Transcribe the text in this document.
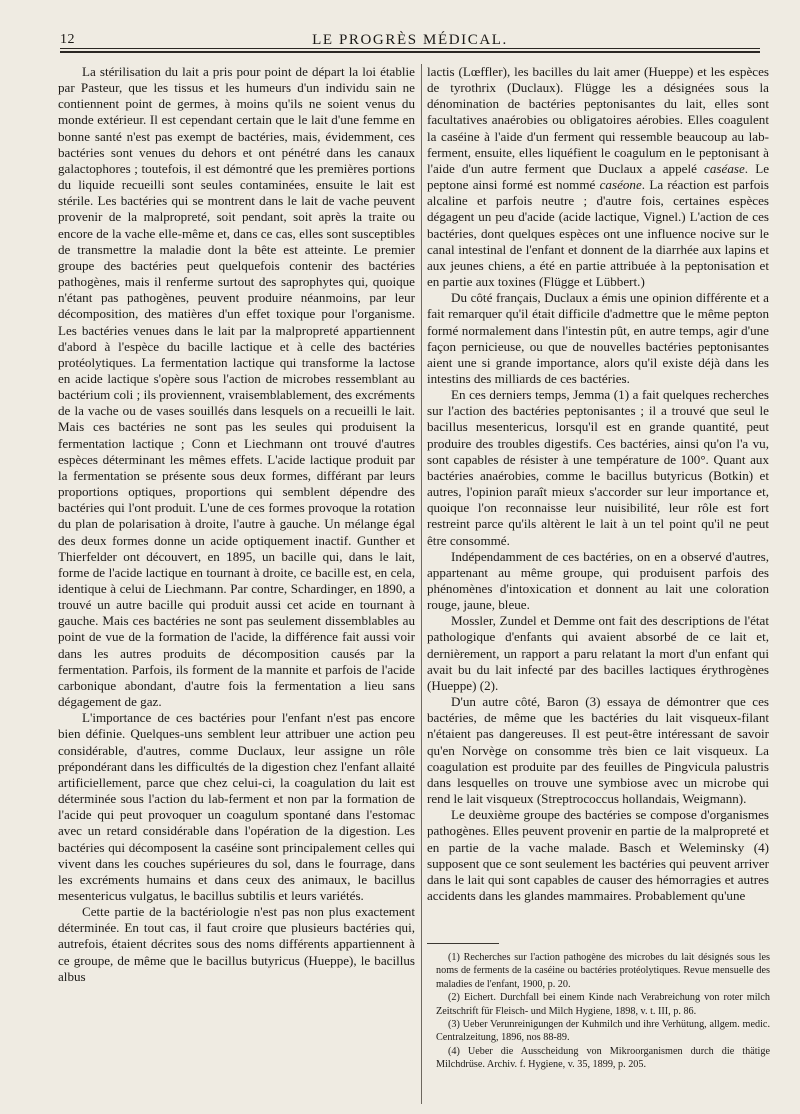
12	LE PROGRÈS MÉDICAL.

La stérilisation du lait a pris pour point de départ la loi établie par Pasteur, que les tissus et les humeurs d'un individu sain ne contiennent point de germes, à moins qu'ils ne soient venus du monde extérieur. Il est cependant certain que le lait d'une femme en bonne santé n'est pas exempt de bactéries, mais, évidemment, ces bactéries sont venues du dehors et ont pénétré dans les canaux galactophores ; toutefois, il est démontré que les premières portions du liquide recueilli sont seules contaminées, ensuite le lait est stérile. Les bactéries qui se montrent dans le lait de vache peuvent provenir de la malpropreté, soit pendant, soit après la traite ou encore de la vache elle-même et, dans ce cas, elles sont susceptibles de transmettre la maladie dont la bête est atteinte. Le premier groupe des bactéries peut quelquefois contenir des bactéries pathogènes, mais il renferme surtout des saprophytes qui, quoique n'étant pas pathogènes, peuvent produire néanmoins, par leur décomposition, des matières d'un effet toxique pour l'organisme. Les bactéries venues dans le lait par la malpropreté appartiennent d'abord à l'espèce du bacille lactique et à celle des bactéries protéolytiques. La fermentation lactique qui transforme la lactose en acide lactique s'opère sous l'action de microbes ressemblant au bactérium coli ; ils proviennent, vraisemblablement, des excréments de la vache ou de vases souillés dans lesquels on a recueilli le lait. Mais ces bactéries ne sont pas les seules qui produisent la fermentation lactique ; Conn et Liechmann ont trouvé d'autres espèces déterminant les mêmes effets. L'acide lactique produit par la fermentation se présente sous deux formes, différant par leurs proportions optiques, proportions qui semblent dépendre des bactéries qui l'ont produit. L'une de ces formes provoque la rotation du plan de polarisation à droite, l'autre à gauche. Un mélange égal des deux formes donne un acide optiquement inactif. Gunther et Thierfelder ont découvert, en 1895, un bacille qui, dans le lait, forme de l'acide lactique en tournant à droite, ce bacille est, en cela, identique à celui de Liechmann. Par contre, Schardinger, en 1890, a trouvé un autre bacille qui produit aussi cet acide en tournant à gauche. Mais ces bactéries ne sont pas seulement dissemblables au point de vue de la formation de l'acide, la différence fait aussi voir dans les autres produits de décomposition causés par la fermentation. Parfois, ils forment de la mannite et parfois de l'acide carbonique abondant, d'autre fois la fermentation a lieu sans dégagement de gaz.

L'importance de ces bactéries pour l'enfant n'est pas encore bien définie. Quelques-uns semblent leur attribuer une action peu considérable, d'autres, comme Duclaux, leur assigne un rôle prépondérant dans les difficultés de la digestion chez l'enfant allaité artificiellement, parce que chez celui-ci, la coagulation du lait est déterminée sous l'action du lab-ferment et non par la formation de l'acide qui peut provoquer un coagulum spontané dans l'estomac avec un retard considérable dans l'opération de la digestion. Les bactéries qui décomposent la caséine sont principalement celles qui vivent dans les couches supérieures du sol, dans le fourrage, dans les excréments humains et dans ceux des animaux, le bacillus mesentericus vulgatus, le bacillus subtilis et leurs variétés.

Cette partie de la bactériologie n'est pas non plus exactement déterminée. En tout cas, il faut croire que plusieurs bactéries qui, autrefois, étaient décrites sous des noms différents appartiennent à ce groupe, de même que le bacillus butyricus (Hueppe), le bacillus albus

lactis (Lœffler), les bacilles du lait amer (Hueppe) et les espèces de tyrothrix (Duclaux). Flügge les a désignées sous la dénomination de bactéries peptonisantes du lait, elles sont facultatives anaérobies ou obligatoires aérobies. Elles coagulent la caséine à l'aide d'un ferment qui ressemble beaucoup au lab-ferment, ensuite, elles liquéfient le coagulum en le peptonisant à l'aide d'un autre ferment que Duclaux a appelé caséase. Le peptone ainsi formé est nommé caséone. La réaction est parfois alcaline et parfois neutre ; d'autre fois, certaines espèces dégagent un peu d'acide (acide lactique, Vignel.) L'action de ces bactéries, dont quelques espèces ont une influence nocive sur le canal intestinal de l'enfant et donnent de la diarrhée aux lapins et aux jeunes chiens, a été en partie attribuée à la peptonisation et en partie aux toxines (Flügge et Lübbert.)

Du côté français, Duclaux a émis une opinion différente et a fait remarquer qu'il était difficile d'admettre que le même pepton formé normalement dans l'intestin pût, en autre temps, agir d'une façon pernicieuse, ou que de nouvelles bactéries peptonisantes aient une si grande importance, alors qu'il existe déjà dans les intestins des milliards de ces bactéries.

En ces derniers temps, Jemma (1) a fait quelques recherches sur l'action des bactéries peptonisantes ; il a trouvé que seul le bacillus mesentericus, lorsqu'il est en grande quantité, peut produire des troubles digestifs. Ces bactéries, ainsi qu'on l'a vu, sont capables de résister à une température de 100°. Quant aux bactéries anaérobies, comme le bacillus butyricus (Botkin) et autres, l'opinion paraît mieux s'accorder sur leur importance et, quoique l'on reconnaisse leur nuisibilité, leur rôle est fort restreint parce qu'ils altèrent le lait à un tel point qu'il ne peut être consommé.

Indépendamment de ces bactéries, on en a observé d'autres, appartenant au même groupe, qui produisent parfois des phénomènes d'intoxication et donnent au lait une coloration rouge, jaune, bleue.

Mossler, Zundel et Demme ont fait des descriptions de l'état pathologique d'enfants qui avaient absorbé de ce lait et, dernièrement, un rapport a paru relatant la mort d'un enfant qui avait bu du lait infecté par des bacilles lactiques érythrogènes (Hueppe) (2).

D'un autre côté, Baron (3) essaya de démontrer que ces bactéries, de même que les bactéries du lait visqueux-filant n'étaient pas dangereuses. Il est peut-être intéressant de savoir qu'en Norvège on consomme très bien ce lait visqueux. La coagulation est produite par des feuilles de Pingvicula palustris dans lesquelles on trouve une symbiose avec un microbe qui rend le lait visqueux (Streptrococcus hollandais, Weigmann).

Le deuxième groupe des bactéries se compose d'organismes pathogènes. Elles peuvent provenir en partie de la malpropreté et en partie de la vache malade. Basch et Weleminsky (4) supposent que ce sont seulement les bactéries qui peuvent arriver dans le lait qui sont capables de causer des hémorragies et autres accidents dans les glandes mammaires. Probablement qu'une

(1) Recherches sur l'action pathogène des microbes du lait désignés sous les noms de ferments de la caséine ou bactéries protéolytiques. Revue mensuelle des maladies de l'enfant, 1900, p. 20.

(2) Eichert. Durchfall bei einem Kinde nach Verabreichung von roter milch Zeitschrift für Fleisch- und Milch Hygiene, 1898, v. t. III, p. 86.

(3) Ueber Verunreinigungen der Kuhmilch und ihre Verhütung, allgem. medic. Centralzeitung, 1896, nos 88-89.

(4) Ueber die Ausscheidung von Mikroorganismen durch die thätige Milchdrüse. Archiv. f. Hygiene, v. 35, 1899, p. 205.
